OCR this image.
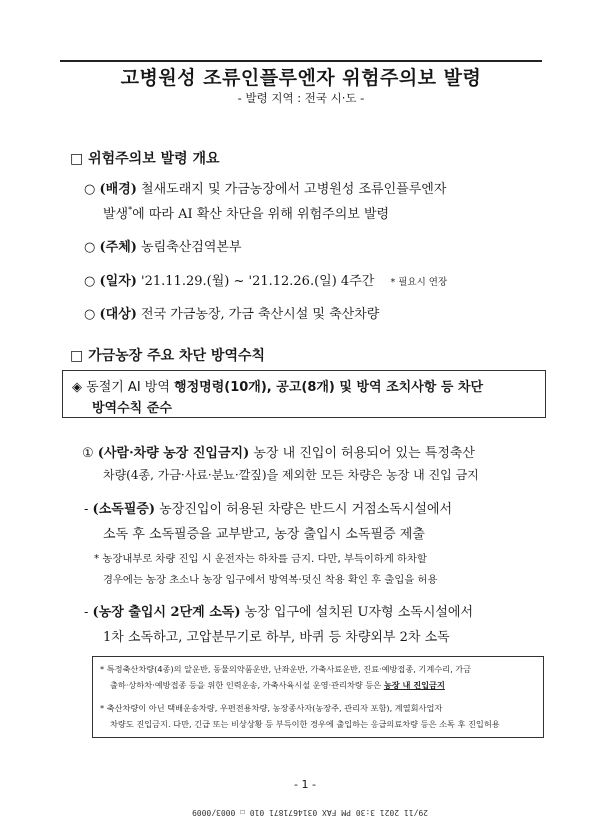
고병원성 조류인플루엔자 위험주의보 발령
- 발령 지역 : 전국 시·도 -
□ 위험주의보 발령 개요
○ (배경) 철새도래지 및 가금농장에서 고병원성 조류인플루엔자
발생*에 따라 AI 확산 차단을 위해 위험주의보 발령
○ (주체) 농림축산검역본부
○ (일자) '21.11.29.(월) ~ '21.12.26.(일) 4주간 * 필요시 연장
○ (대상) 전국 가금농장, 가금 축산시설 및 축산차량
□ 가금농장 주요 차단 방역수칙
◈ 동절기 AI 방역 행정명령(10개), 공고(8개) 및 방역 조치사항 등 차단
방역수칙 준수
① (사람·차량 농장 진입금지) 농장 내 진입이 허용되어 있는 특정축산
차량(4종, 가금·사료·분뇨·깔짚)을 제외한 모든 차량은 농장 내 진입 금지
- (소독필증) 농장진입이 허용된 차량은 반드시 거점소독시설에서
소독 후 소독필증을 교부받고, 농장 출입시 소독필증 제출
* 농장내부로 차량 진입 시 운전자는 하차를 금지. 다만, 부득이하게 하차할
경우에는 농장 초소나 농장 입구에서 방역복·덧신 착용 확인 후 출입을 허용
- (농장 출입시 2단계 소독) 농장 입구에 설치된 U자형 소독시설에서
1차 소독하고, 고압분무기로 하부, 바퀴 등 차량외부 2차 소독
* 특정축산차량(4종)의 알운반, 동물의약품운반, 난좌운반, 가축사료운반, 진료·예방접종, 기계수리, 가금
출하·상하차·예방접종 등을 위한 인력운송, 가축사육시설 운영·관리차량 등은 농장 내 진입금지
* 축산차량이 아닌 택배운송차량, 우편전용차량, 농장종사자(농장주, 관리자 포함), 계열회사업자
차량도 진입금지. 다만, 긴급 또는 비상상황 등 부득이한 경우에 출입하는 응급의료차량 등은 소독 후 진입허용
- 1 -
29/11 2021 3:30 PM FAX 0314671871 010 ☐ 0003/0009
